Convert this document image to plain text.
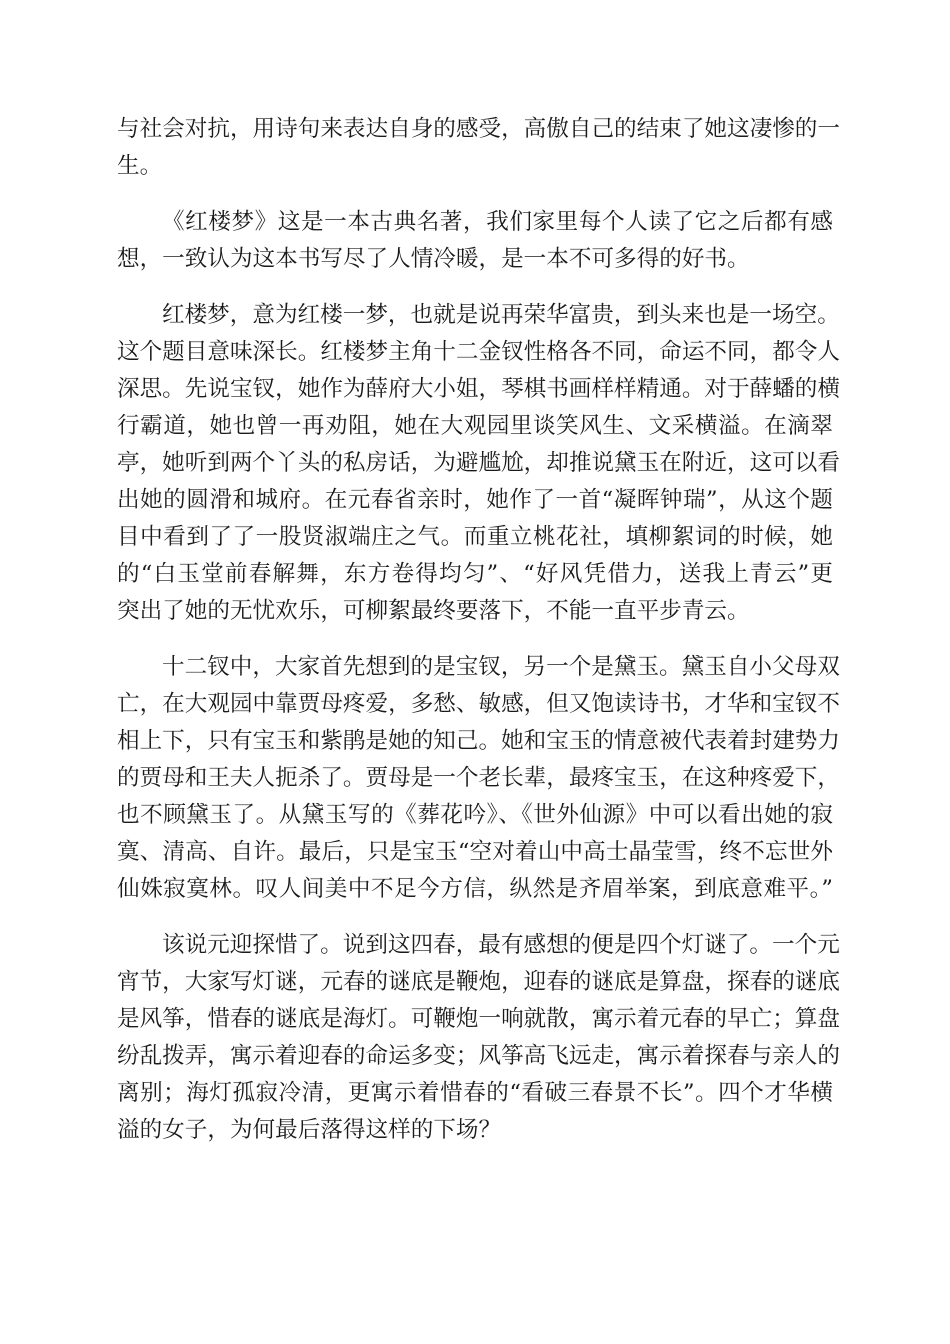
与社会对抗，用诗句来表达自身的感受，高傲自己的结束了她这凄惨的一
生。
《红楼梦》这是一本古典名著，我们家里每个人读了它之后都有感
想，一致认为这本书写尽了人情冷暖，是一本不可多得的好书。
红楼梦，意为红楼一梦，也就是说再荣华富贵，到头来也是一场空。
这个题目意味深长。红楼梦主角十二金钗性格各不同，命运不同，都令人
深思。先说宝钗，她作为薛府大小姐，琴棋书画样样精通。对于薛蟠的横
行霸道，她也曾一再劝阻，她在大观园里谈笑风生、文采横溢。在滴翠
亭，她听到两个丫头的私房话，为避尴尬，却推说黛玉在附近，这可以看
出她的圆滑和城府。在元春省亲时，她作了一首“凝晖钟瑞”，从这个题
目中看到了了一股贤淑端庄之气。而重立桃花社，填柳絮词的时候，她
的“白玉堂前春解舞，东方卷得均匀”、“好风凭借力，送我上青云”更
突出了她的无忧欢乐，可柳絮最终要落下，不能一直平步青云。
十二钗中，大家首先想到的是宝钗，另一个是黛玉。黛玉自小父母双
亡，在大观园中靠贾母疼爱，多愁、敏感，但又饱读诗书，才华和宝钗不
相上下，只有宝玉和紫鹃是她的知己。她和宝玉的情意被代表着封建势力
的贾母和王夫人扼杀了。贾母是一个老长辈，最疼宝玉，在这种疼爱下，
也不顾黛玉了。从黛玉写的《葬花吟》、《世外仙源》中可以看出她的寂
寞、清高、自许。最后，只是宝玉“空对着山中高士晶莹雪，终不忘世外
仙姝寂寞林。叹人间美中不足今方信，纵然是齐眉举案，到底意难平。”
该说元迎探惜了。说到这四春，最有感想的便是四个灯谜了。一个元
宵节，大家写灯谜，元春的谜底是鞭炮，迎春的谜底是算盘，探春的谜底
是风筝，惜春的谜底是海灯。可鞭炮一响就散，寓示着元春的早亡；算盘
纷乱拨弄，寓示着迎春的命运多变；风筝高飞远走，寓示着探春与亲人的
离别；海灯孤寂冷清，更寓示着惜春的“看破三春景不长”。四个才华横
溢的女子，为何最后落得这样的下场？
